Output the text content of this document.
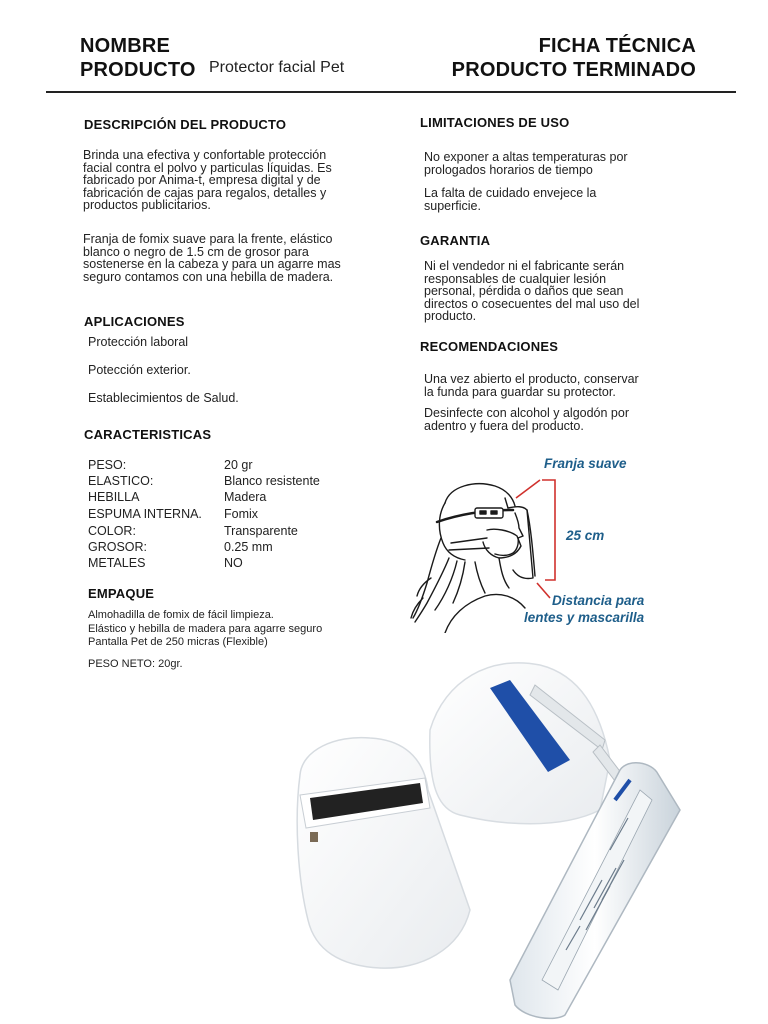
NOMBRE
PRODUCTO Protector facial Pet
FICHA TÉCNICA
PRODUCTO TERMINADO
DESCRIPCIÓN DEL PRODUCTO
Brinda una efectiva y confortable protección
facial contra el polvo y particulas líquidas. Es
fabricado por Anima-t, empresa digital y de
fabricación de cajas para regalos, detalles y
productos publicitarios.
Franja de fomix suave para la frente, elástico
blanco o negro de 1.5 cm de grosor para
sostenerse en la cabeza y para un agarre mas
seguro contamos con una hebilla de madera.
APLICACIONES
Protección laboral
Potección exterior.
Establecimientos de Salud.
CARACTERISTICAS
PESO:	20 gr
ELASTICO:	Blanco resistente
HEBILLA	Madera
ESPUMA INTERNA. Fomix
COLOR:	Transparente
GROSOR:	0.25 mm
METALES	NO
EMPAQUE
Almohadilla de fomix de fácil limpieza.
Elástico y hebilla de madera para agarre seguro
Pantalla Pet de 250 micras (Flexible)
PESO NETO: 20gr.
LIMITACIONES DE USO
No exponer a altas temperaturas por
prologados horarios de tiempo
La falta de cuidado envejece la
superficie.
GARANTIA
Ni el vendedor ni el fabricante serán
responsables de cualquier lesión
personal, pérdida o daños que sean
directos o cosecuentes del mal uso del
producto.
RECOMENDACIONES
Una vez abierto el producto, conservar
la funda para guardar su protector.
Desinfecte con alcohol y algodón por
adentro y fuera del producto.
Franja suave
25 cm
Distancia para
lentes y mascarilla
